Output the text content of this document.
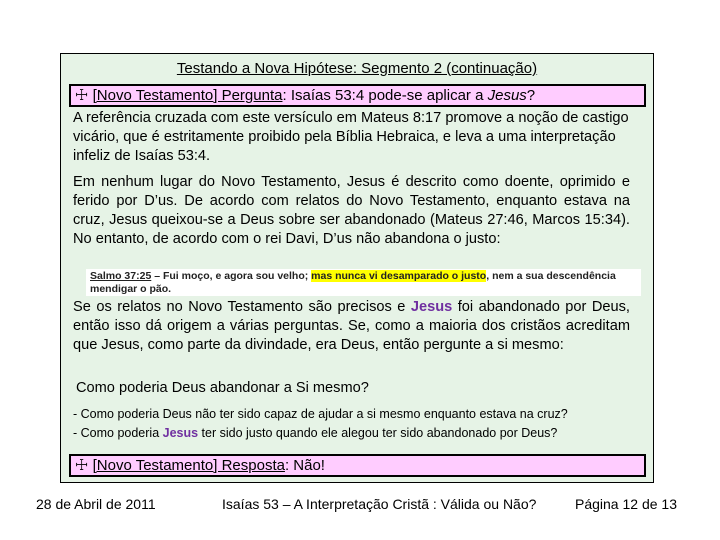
Testando a Nova Hipótese: Segmento 2 (continuação)
☩ [Novo Testamento] Pergunta: Isaías 53:4 pode-se aplicar a Jesus?
A referência cruzada com este versículo em Mateus 8:17 promove a noção de castigo vicário, que é estritamente proibido pela Bíblia Hebraica, e leva a uma interpretação infeliz de Isaías 53:4.
Em nenhum lugar do Novo Testamento, Jesus é descrito como doente, oprimido e ferido por D’us. De acordo com relatos do Novo Testamento, enquanto estava na cruz, Jesus queixou-se a Deus sobre ser abandonado (Mateus 27:46, Marcos 15:34). No entanto, de acordo com o rei Davi, D’us não abandona o justo:
Salmo 37:25 – Fui moço, e agora sou velho; mas nunca vi desamparado o justo, nem a sua descendência mendigar o pão.
Se os relatos no Novo Testamento são precisos e Jesus foi abandonado por Deus, então isso dá origem a várias perguntas. Se, como a maioria dos cristãos acreditam que Jesus, como parte da divindade, era Deus, então pergunte a si mesmo:
Como poderia Deus abandonar a Si mesmo?
- Como poderia Deus não ter sido capaz de ajudar a si mesmo enquanto estava na cruz?
- Como poderia Jesus ter sido justo quando ele alegou ter sido abandonado por Deus?
☩ [Novo Testamento] Resposta: Não!
28 de Abril de 2011	Isaías 53 – A Interpretação Cristã : Válida ou Não?	Página 12 de 13
